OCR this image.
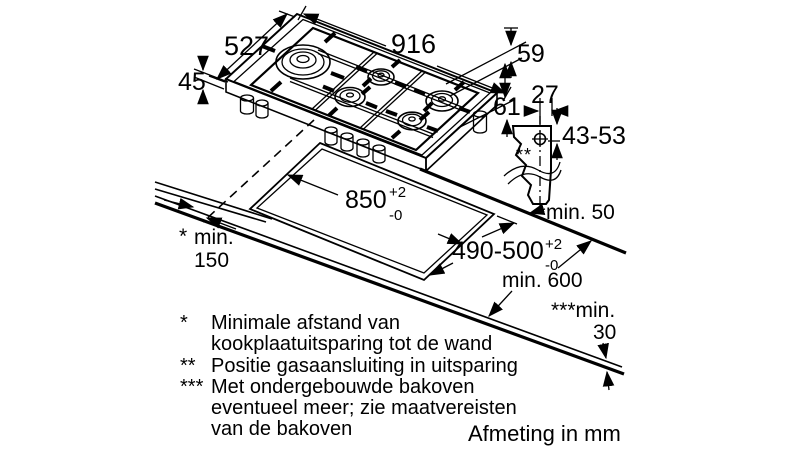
**
527	916
45
59
61 27
43-53
850 +2
-0
490-500 +2
-0
min. 50
min. 600
* min.
150
***min.
30
* Minimale afstand van
kookplaatuitsparing tot de wand
** Positie gasaansluiting in uitsparing
*** Met ondergebouwde bakoven
eventueel meer; zie maatvereisten
van de bakoven	Afmeting in mm
